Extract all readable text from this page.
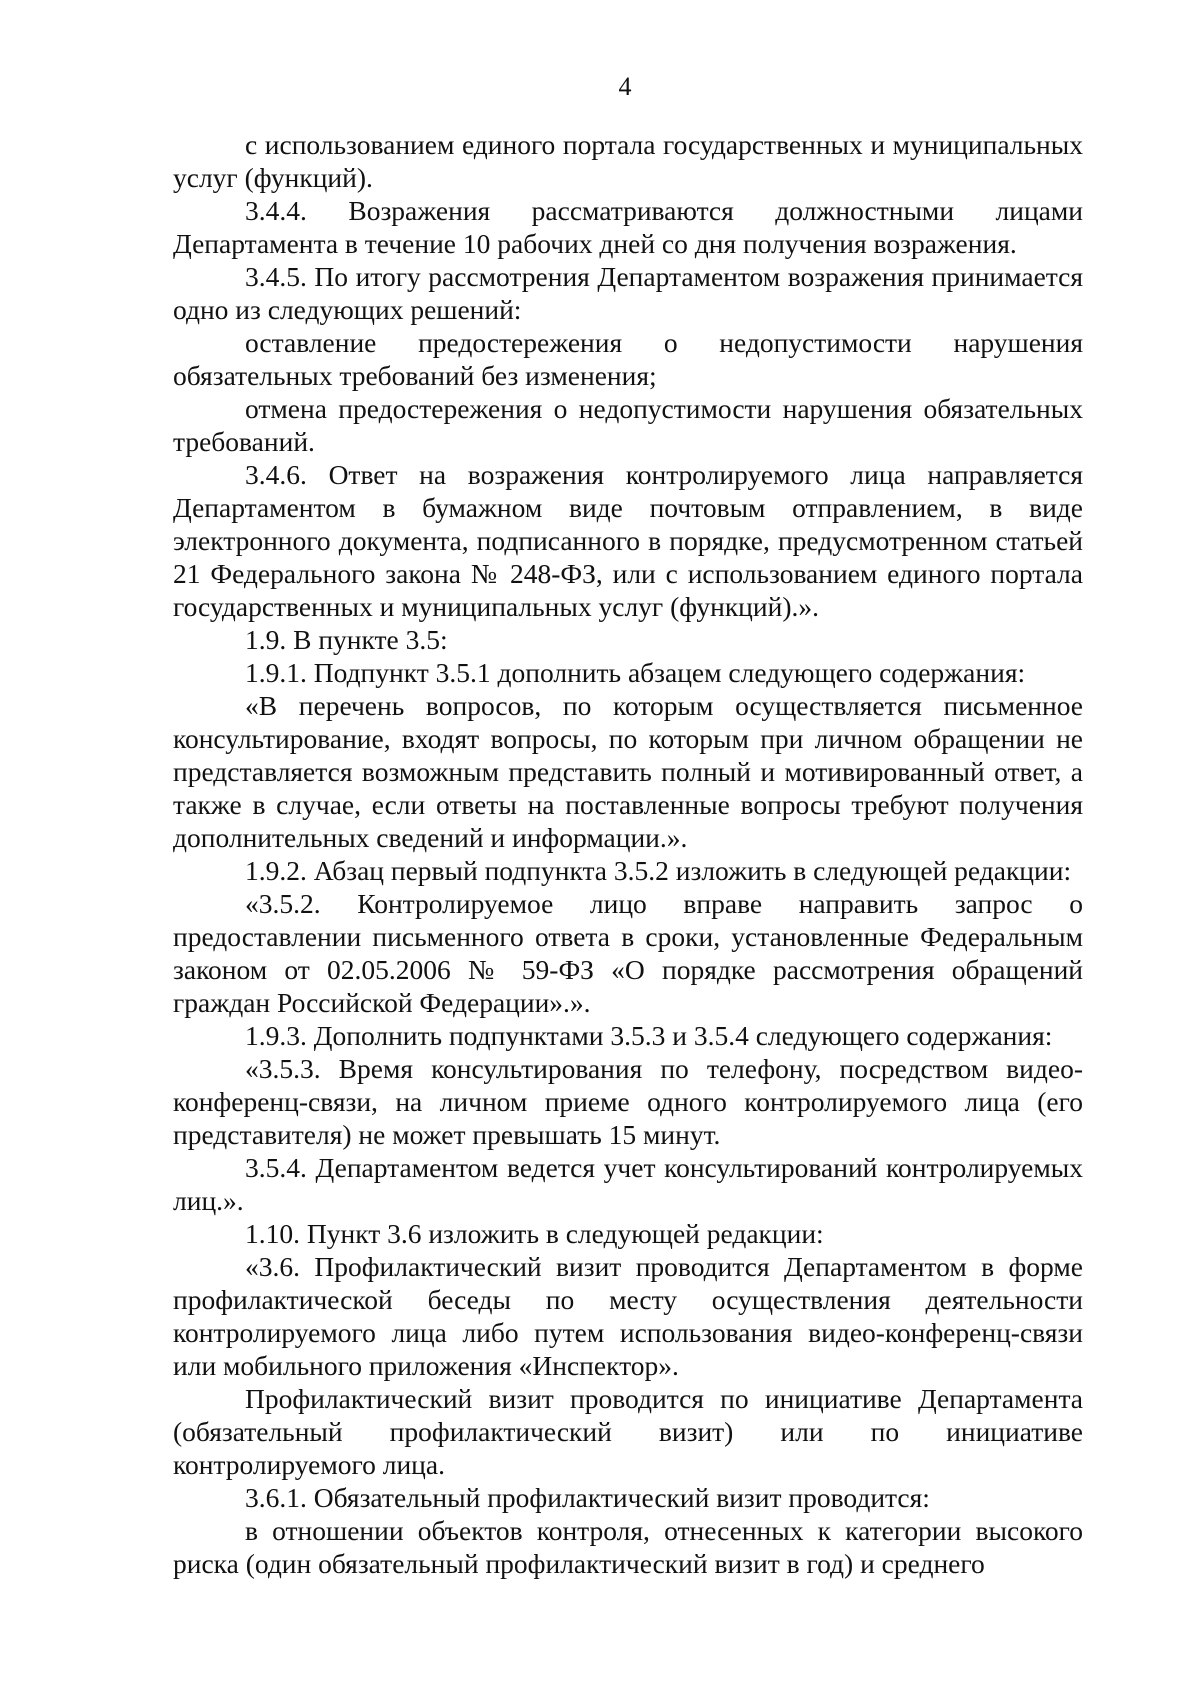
4

с использованием единого портала государственных и муниципальных услуг (функций).

3.4.4. Возражения рассматриваются должностными лицами Департамента в течение 10 рабочих дней со дня получения возражения.

3.4.5. По итогу рассмотрения Департаментом возражения принимается одно из следующих решений:

оставление предостережения о недопустимости нарушения обязательных требований без изменения;

отмена предостережения о недопустимости нарушения обязательных требований.

3.4.6. Ответ на возражения контролируемого лица направляется Департаментом в бумажном виде почтовым отправлением, в виде электронного документа, подписанного в порядке, предусмотренном статьей 21 Федерального закона № 248-ФЗ, или с использованием единого портала государственных и муниципальных услуг (функций).».

1.9. В пункте 3.5:

1.9.1. Подпункт 3.5.1 дополнить абзацем следующего содержания:

«В перечень вопросов, по которым осуществляется письменное консультирование, входят вопросы, по которым при личном обращении не представляется возможным представить полный и мотивированный ответ, а также в случае, если ответы на поставленные вопросы требуют получения дополнительных сведений и информации.».

1.9.2. Абзац первый подпункта 3.5.2 изложить в следующей редакции:

«3.5.2. Контролируемое лицо вправе направить запрос о предоставлении письменного ответа в сроки, установленные Федеральным законом от 02.05.2006 № 59-ФЗ «О порядке рассмотрения обращений граждан Российской Федерации».».

1.9.3. Дополнить подпунктами 3.5.3 и 3.5.4 следующего содержания:

«3.5.3. Время консультирования по телефону, посредством видео-конференц-связи, на личном приеме одного контролируемого лица (его представителя) не может превышать 15 минут.

3.5.4. Департаментом ведется учет консультирований контролируемых лиц.».

1.10. Пункт 3.6 изложить в следующей редакции:

«3.6. Профилактический визит проводится Департаментом в форме профилактической беседы по месту осуществления деятельности контролируемого лица либо путем использования видео-конференц-связи или мобильного приложения «Инспектор».

Профилактический визит проводится по инициативе Департамента (обязательный профилактический визит) или по инициативе контролируемого лица.

3.6.1. Обязательный профилактический визит проводится:

в отношении объектов контроля, отнесенных к категории высокого риска (один обязательный профилактический визит в год) и среднего
